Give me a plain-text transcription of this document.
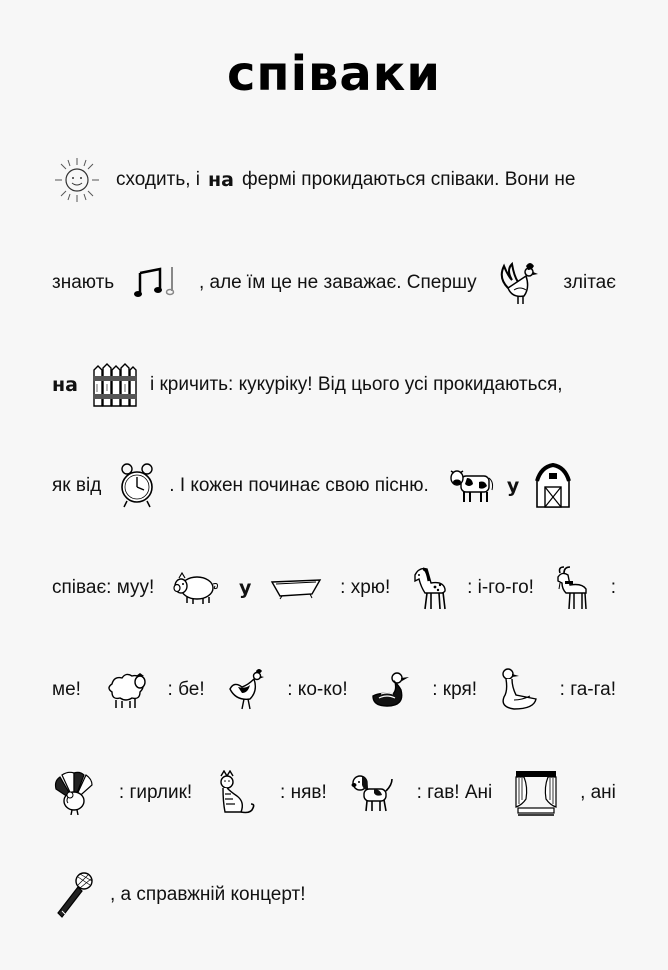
співаки
сходить, і на фермі прокидаються співаки. Вони не
знають	, але їм це не заважає. Спершу	злітає
на	і кричить: кукуріку! Від цього усі прокидаються,
як від	. І кожен починає свою пісню.	у
співає: муу!	у	: хрю!	: і-го-го!	:
ме!	: бе!	: ко-ко!	: кря!	: га-га!
: гирлик!	: няв!	: гав! Ані	, ані
, а справжній концерт!
